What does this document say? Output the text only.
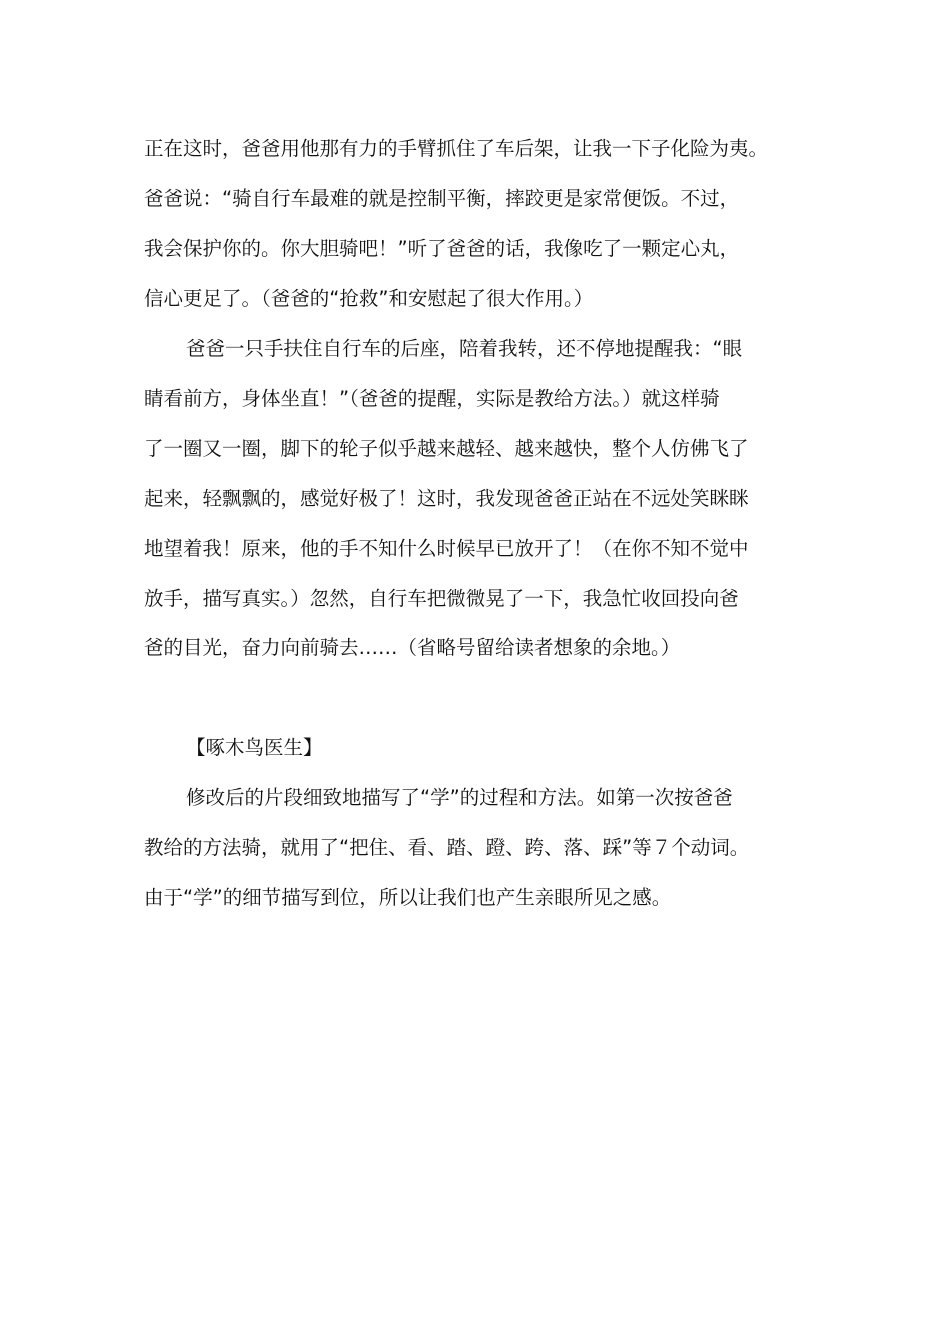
正在这时，爸爸用他那有力的手臂抓住了车后架，让我一下子化险为夷。
爸爸说：“骑自行车最难的就是控制平衡，摔跤更是家常便饭。不过，
我会保护你的。你大胆骑吧！”听了爸爸的话，我像吃了一颗定心丸，
信心更足了。（爸爸的“抢救”和安慰起了很大作用。）
爸爸一只手扶住自行车的后座，陪着我转，还不停地提醒我：“眼
睛看前方，身体坐直！”（爸爸的提醒，实际是教给方法。）就这样骑
了一圈又一圈，脚下的轮子似乎越来越轻、越来越快，整个人仿佛飞了
起来，轻飘飘的，感觉好极了！这时，我发现爸爸正站在不远处笑眯眯
地望着我！原来，他的手不知什么时候早已放开了！（在你不知不觉中
放手，描写真实。）忽然，自行车把微微晃了一下，我急忙收回投向爸
爸的目光，奋力向前骑去……（省略号留给读者想象的余地。）
【啄木鸟医生】
修改后的片段细致地描写了“学”的过程和方法。如第一次按爸爸
教给的方法骑，就用了“把住、看、踏、蹬、跨、落、踩”等７个动词。
由于“学”的细节描写到位，所以让我们也产生亲眼所见之感。
